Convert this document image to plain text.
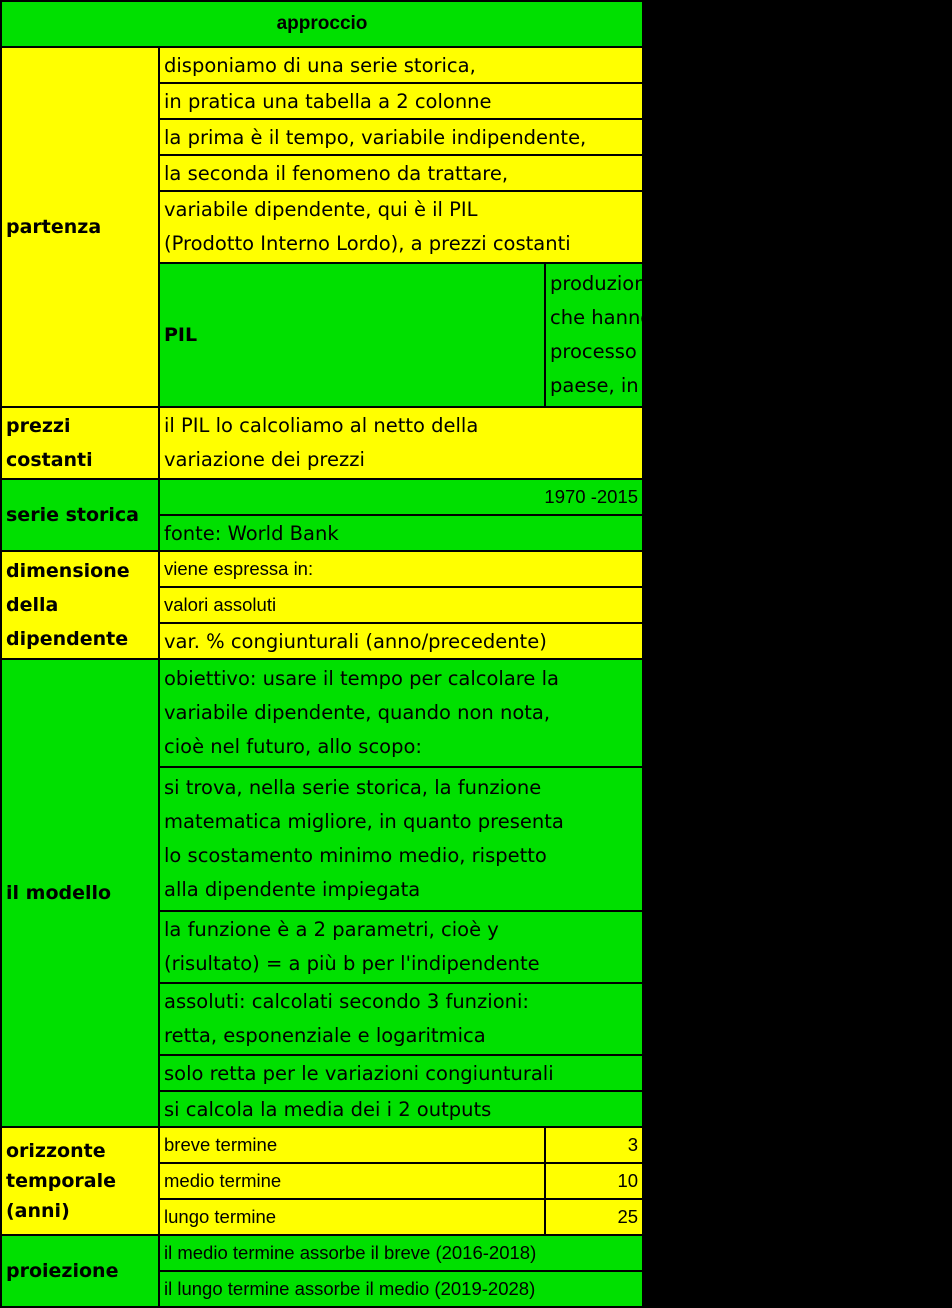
approccio		
partenza	disponiamo di una serie storica,	
	in pratica una tabella a 2 colonne	
	la prima è il tempo, variabile indipendente,	
	la seconda il fenomeno da trattare,	

	variabile dipendente, qui è il PIL
(Prodotto Interno Lordo), a prezzi costanti	

	PIL	produzione di ricchezza, in beni e servizi,
che hanno una valorizzazione in un
processo di scambio, dei residenti di un
paese, in un dato periodo

prezzi
costanti	il PIL lo calcoliamo al netto della
variazione dei prezzi	

serie storica	1970 -2015	
	fonte: World Bank	

dimensione
della
dipendente	viene espressa in:	
	valori assoluti	
	var. % congiunturali (anno/precedente)	
il modello	obiettivo: usare il tempo per calcolare la
variabile dipendente, quando non nota,
cioè nel futuro, allo scopo:	

	si trova, nella serie storica, la funzione
matematica migliore, in quanto presenta
lo scostamento minimo medio, rispetto
alla dipendente impiegata	

	la funzione è a 2 parametri, cioè y
(risultato) = a più b per l'indipendente	

	assoluti: calcolati secondo 3 funzioni:
retta, esponenziale e logaritmica	

	solo retta per le variazioni congiunturali	
	si calcola la media dei i 2 outputs	

orizzonte
temporale
(anni)	breve termine	3
	medio termine	10
	lungo termine	25
proiezione	il medio termine assorbe il breve (2016-2018)	
	il lungo termine assorbe il medio (2019-2028)	
